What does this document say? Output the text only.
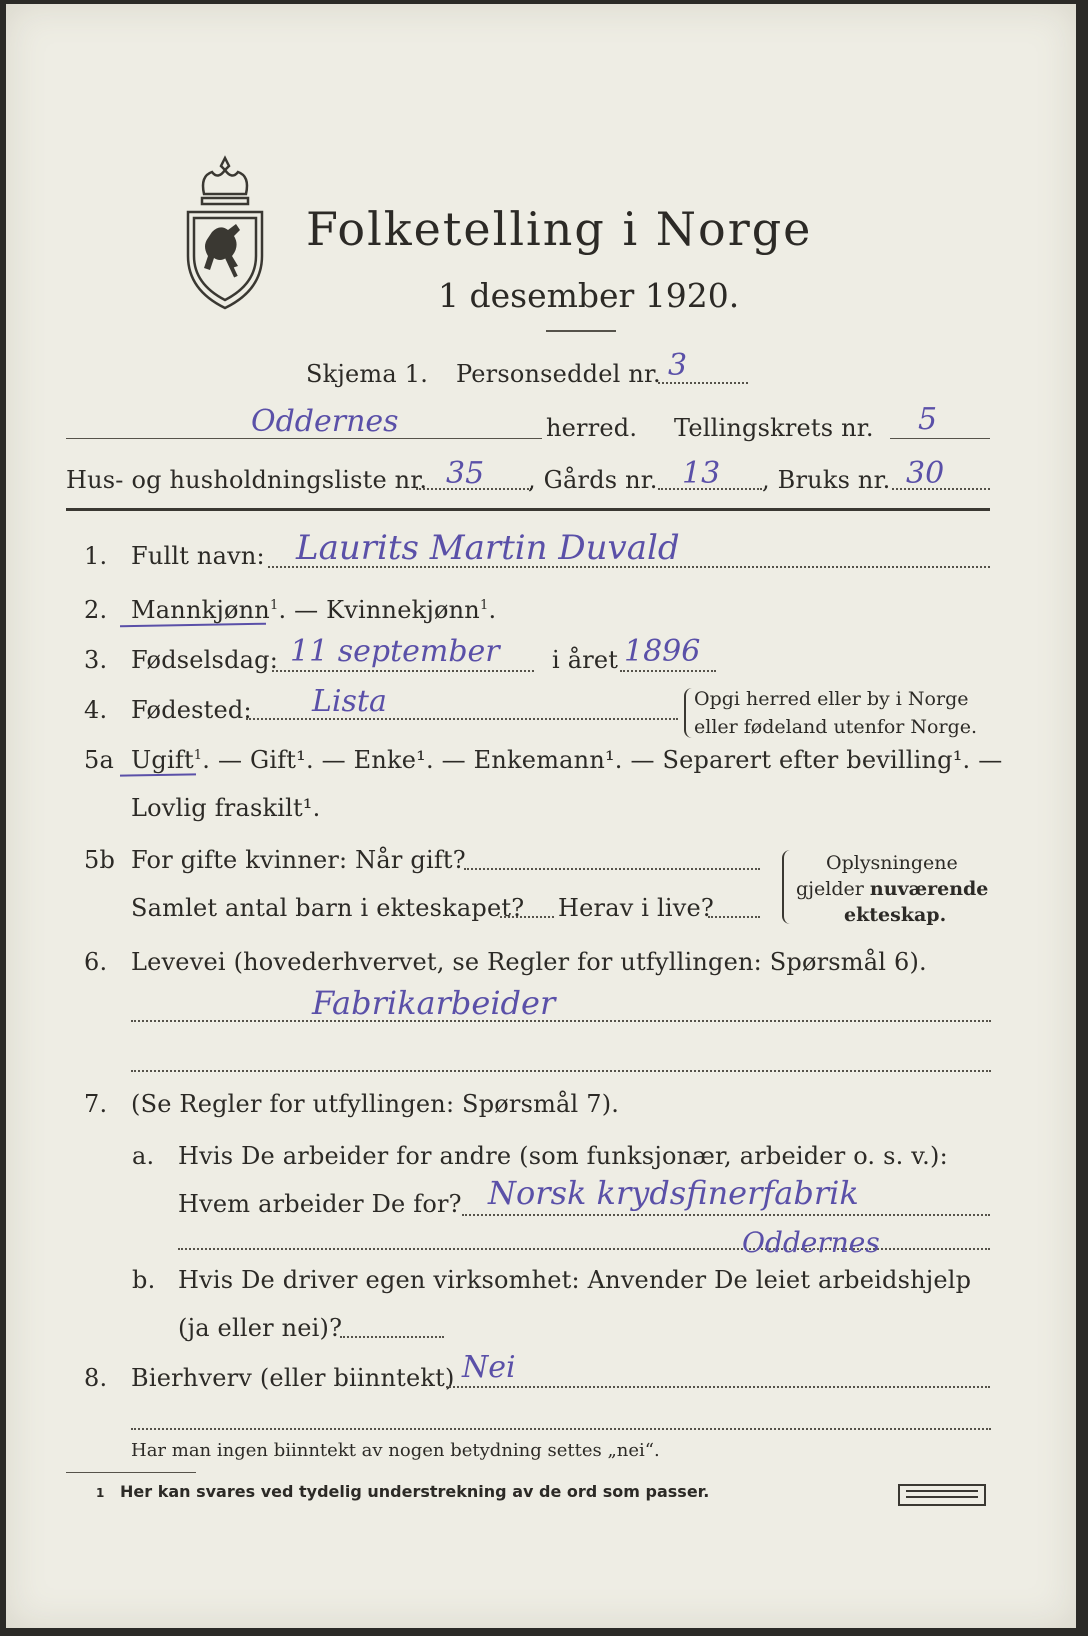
Folketelling i Norge
1 desember 1920.
Skjema 1. Personseddel nr. 3
Oddernes	herred. Tellingskrets nr. 5
Hus- og husholdningsliste nr. 35 , Gårds nr. 13 , Bruks nr. 30
1. Fullt navn: Laurits Martin Duvald
2. Mannkjønn$^1$. — Kvinnekjønn$^1$.
3. Fødselsdag: 11 september i året 1896
4. Fødested: Lista	Opgi herred eller by i Norge
eller fødeland utenfor Norge.
5a Ugift$^1$. — Gift¹. — Enke¹. — Enkemann¹. — Separert efter bevilling¹. —
Lovlig fraskilt¹.
5b For gifte kvinner: Når gift?
Samlet antal barn i ekteskapet? Herav i live?
Oplysningene
gjelder nuværende
ekteskap.
6. Levevei (hovederhvervet, se Regler for utfyllingen: Spørsmål 6).
Fabrikarbeider
7. (Se Regler for utfyllingen: Spørsmål 7).
a. Hvis De arbeider for andre (som funksjonær, arbeider o. s. v.):
Hvem arbeider De for? Norsk krydsfinerfabrik
Oddernes
b. Hvis De driver egen virksomhet: Anvender De leiet arbeidshjelp
(ja eller nei)?
8. Bierhverv (eller biinntekt) Nei
Har man ingen biinntekt av nogen betydning settes „nei“.
1 Her kan svares ved tydelig understrekning av de ord som passer.
